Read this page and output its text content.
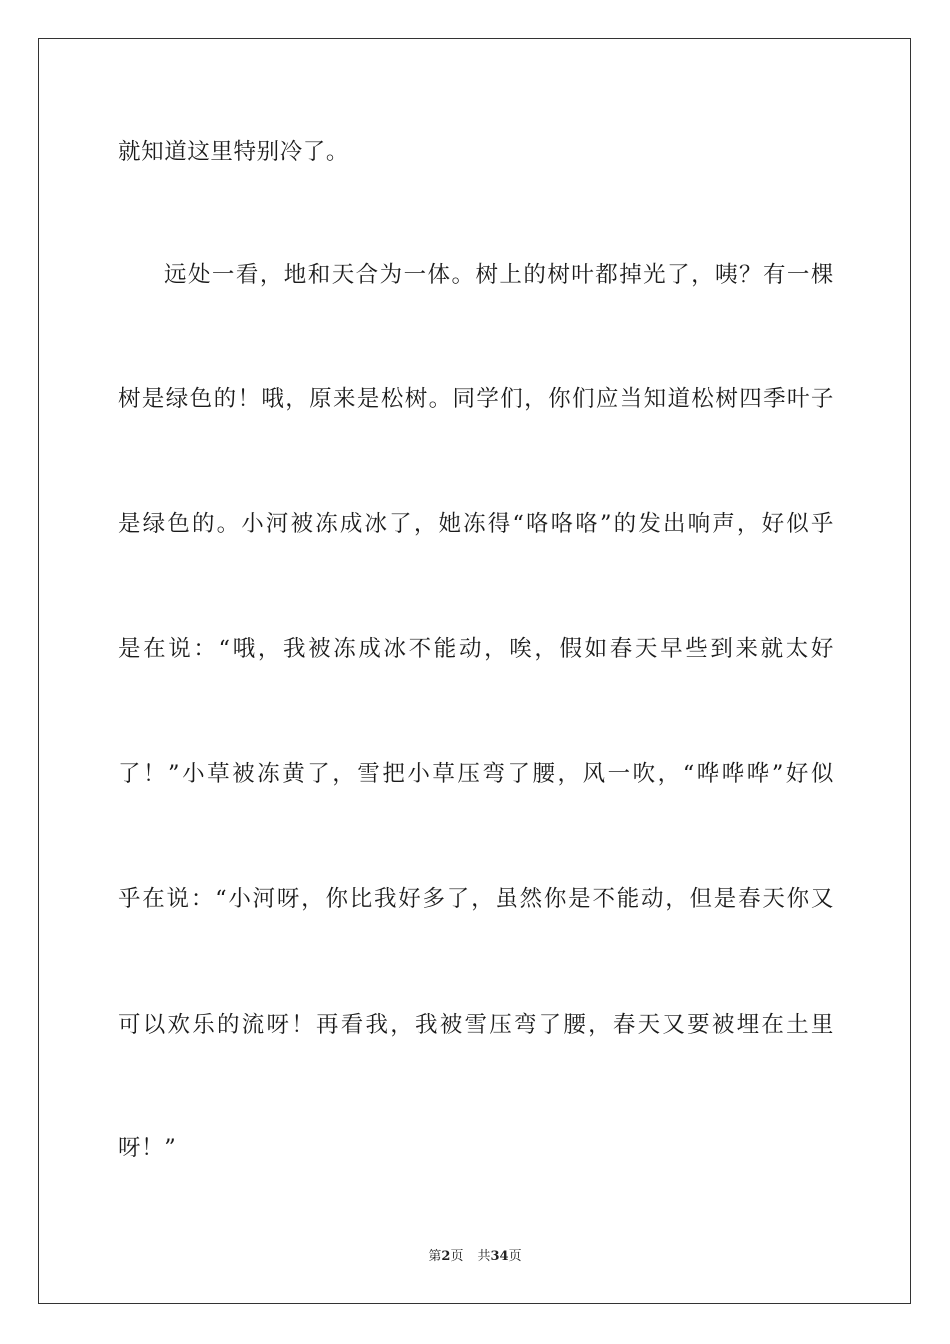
就知道这里特别冷了。
远处一看，地和天合为一体。树上的树叶都掉光了，咦？有一棵
树是绿色的！哦，原来是松树。同学们，你们应当知道松树四季叶子
是绿色的。小河被冻成冰了，她冻得“咯咯咯”的发出响声，好似乎
是在说：“哦，我被冻成冰不能动，唉，假如春天早些到来就太好
了！”小草被冻黄了，雪把小草压弯了腰，风一吹，“哗哗哗”好似
乎在说：“小河呀，你比我好多了，虽然你是不能动，但是春天你又
可以欢乐的流呀！再看我，我被雪压弯了腰，春天又要被埋在土里
呀！”
第2页 共34页
